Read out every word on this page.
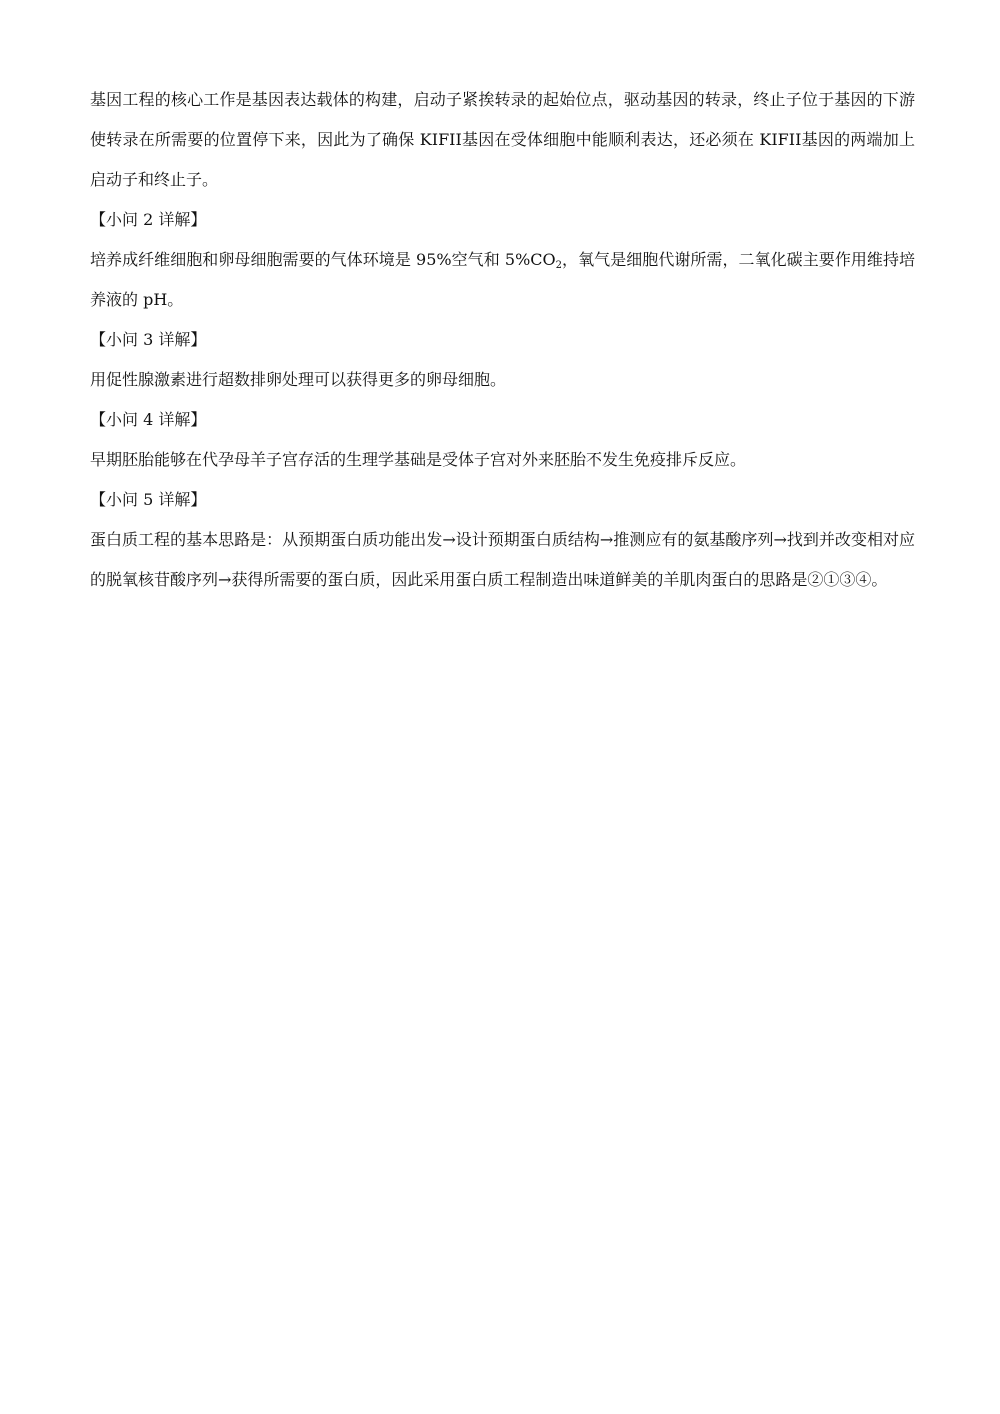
基因工程的核心工作是基因表达载体的构建，启动子紧挨转录的起始位点，驱动基因的转录，终止子位于基因的下游使转录在所需要的位置停下来，因此为了确保 KIFII基因在受体细胞中能顺利表达，还必须在 KIFII基因的两端加上启动子和终止子。

【小问 2 详解】

培养成纤维细胞和卵母细胞需要的气体环境是 95%空气和 $5\%CO_2$，氧气是细胞代谢所需，二氧化碳主要作用维持培养液的 pH。

【小问 3 详解】

用促性腺激素进行超数排卵处理可以获得更多的卵母细胞。

【小问 4 详解】

早期胚胎能够在代孕母羊子宫存活的生理学基础是受体子宫对外来胚胎不发生免疫排斥反应。

【小问 5 详解】

蛋白质工程的基本思路是：从预期蛋白质功能出发→设计预期蛋白质结构→推测应有的氨基酸序列→找到并改变相对应的脱氧核苷酸序列→获得所需要的蛋白质，因此采用蛋白质工程制造出味道鲜美的羊肌肉蛋白的思路是②①③④。
